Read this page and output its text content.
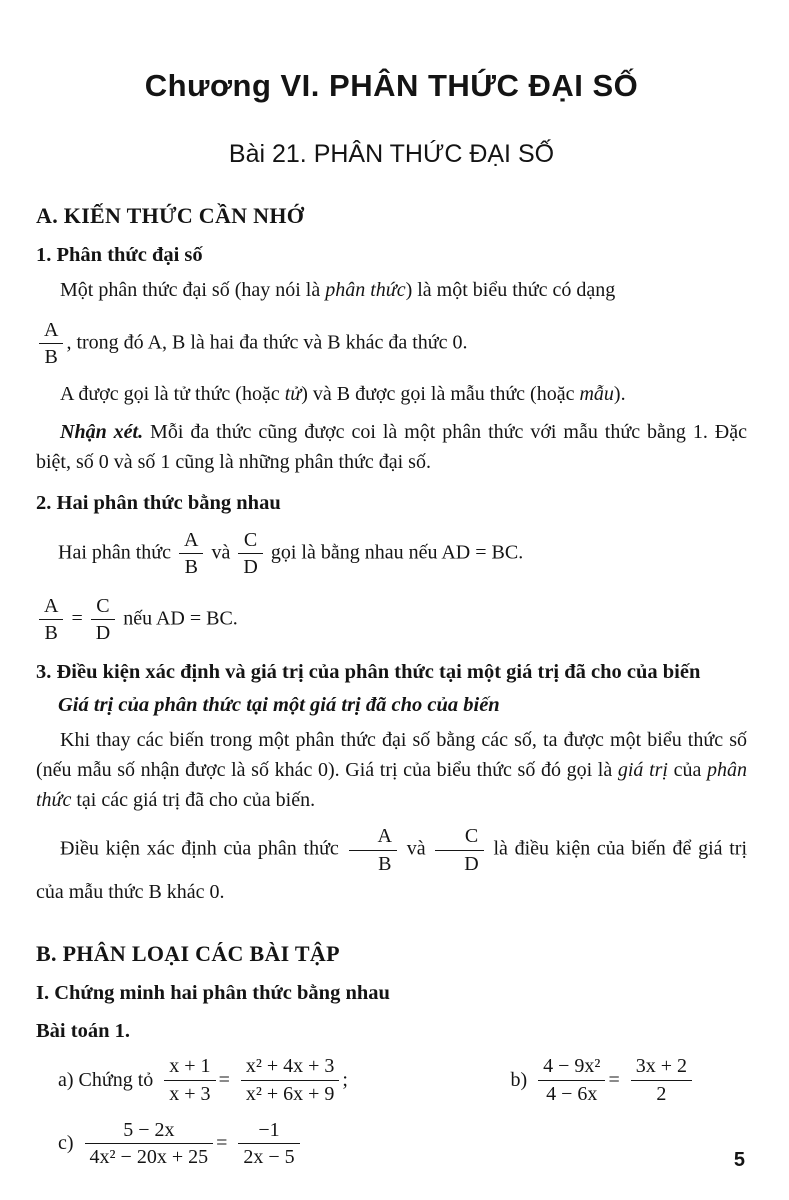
Chương VI. PHÂN THỨC ĐẠI SỐ
Bài 21. PHÂN THỨC ĐẠI SỐ
A. KIẾN THỨC CẦN NHỚ
1. Phân thức đại số

Một phân thức đại số (hay nói là phân thức) là một biểu thức có dạng

$\frac{A}{B}$ , trong đó A, B là hai đa thức và B khác đa thức 0.

A được gọi là tử thức (hoặc tử) và B được gọi là mẫu thức (hoặc mẫu).

Nhận xét. Mỗi đa thức cũng được coi là một phân thức với mẫu thức bằng 1. Đặc biệt, số 0 và số 1 cũng là những phân thức đại số.

2. Hai phân thức bằng nhau

Hai phân thức $\frac{A}{B}$ và $\frac{C}{D}$ gọi là bằng nhau nếu AD = BC.

$\frac{A}{B} = \frac{C}{D}$ nếu AD = BC.

3. Điều kiện xác định và giá trị của phân thức tại một giá trị đã cho của biến
Giá trị của phân thức tại một giá trị đã cho của biến

Khi thay các biến trong một phân thức đại số bằng các số, ta được một biểu thức số (nếu mẫu số nhận được là số khác 0). Giá trị của biểu thức số đó gọi là giá trị của phân thức tại các giá trị đã cho của biến.

Điều kiện xác định của phân thức $\frac{A}{B}$ và $\frac{C}{D}$ là điều kiện của biến để giá trị của mẫu thức B khác 0.

B. PHÂN LOẠI CÁC BÀI TẬP
I. Chứng minh hai phân thức bằng nhau
Bài toán 1.
a) Chứng tỏ $\frac{x + 1}{x + 3} = \frac{\text{x² + 4x + 3}}{\text{x² + 6x + 9}}$ ;	$b) \frac{\text{4 − 9x²}}{4 - 6x} = \frac{3x + 2}{2}$
$c) \frac{5 - 2x}{\text{4x² − 20x + 25}} = \frac{-1}{2x - 5}$	5
